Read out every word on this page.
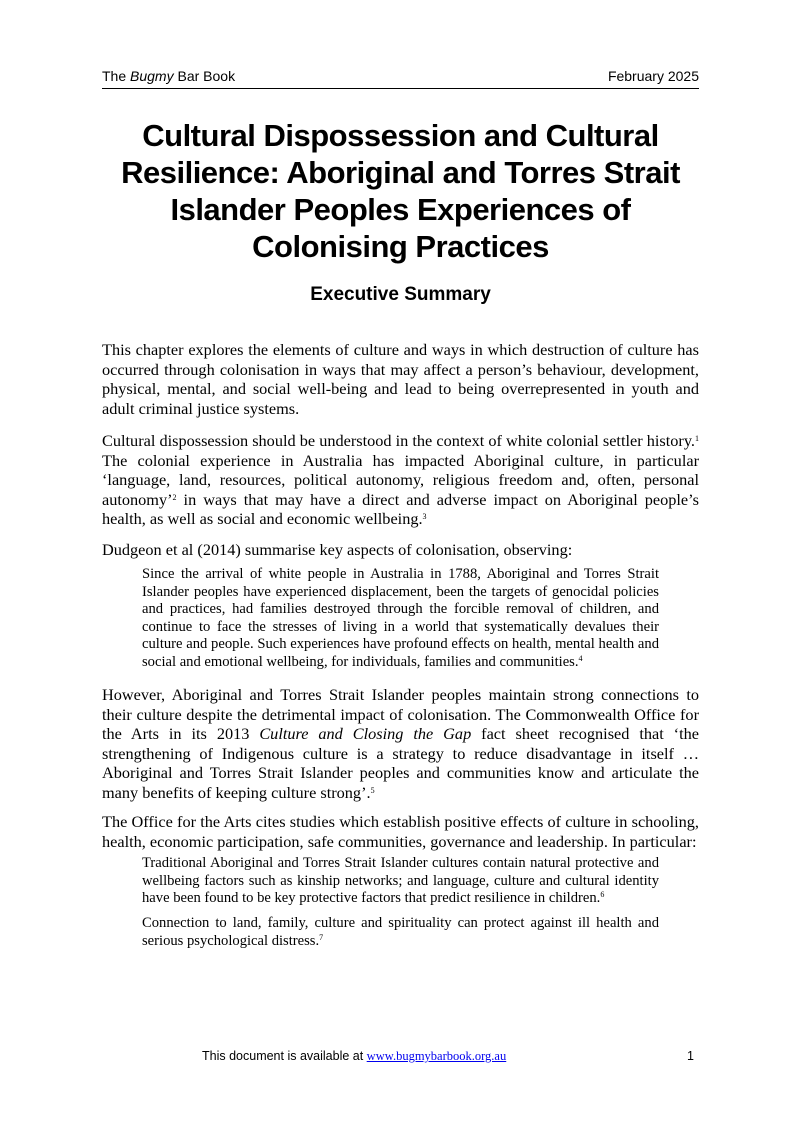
The Bugmy Bar Book	February 2025
Cultural Dispossession and Cultural Resilience: Aboriginal and Torres Strait Islander Peoples Experiences of Colonising Practices
Executive Summary

This chapter explores the elements of culture and ways in which destruction of culture has occurred through colonisation in ways that may affect a person’s behaviour, development, physical, mental, and social well-being and lead to being overrepresented in youth and adult criminal justice systems.

Cultural dispossession should be understood in the context of white colonial settler history.$^1$ The colonial experience in Australia has impacted Aboriginal culture, in particular ‘language, land, resources, political autonomy, religious freedom and, often, personal autonomy’$^2$ in ways that may have a direct and adverse impact on Aboriginal people’s health, as well as social and economic wellbeing.$^3$

Dudgeon et al (2014) summarise key aspects of colonisation, observing:

Since the arrival of white people in Australia in 1788, Aboriginal and Torres Strait Islander peoples have experienced displacement, been the targets of genocidal policies and practices, had families destroyed through the forcible removal of children, and continue to face the stresses of living in a world that systematically devalues their culture and people. Such experiences have profound effects on health, mental health and social and emotional wellbeing, for individuals, families and communities.$^4$

However, Aboriginal and Torres Strait Islander peoples maintain strong connections to their culture despite the detrimental impact of colonisation. The Commonwealth Office for the Arts in its 2013 Culture and Closing the Gap fact sheet recognised that ‘the strengthening of Indigenous culture is a strategy to reduce disadvantage in itself … Aboriginal and Torres Strait Islander peoples and communities know and articulate the many benefits of keeping culture strong’.$^5$

The Office for the Arts cites studies which establish positive effects of culture in schooling, health, economic participation, safe communities, governance and leadership. In particular:

Traditional Aboriginal and Torres Strait Islander cultures contain natural protective and wellbeing factors such as kinship networks; and language, culture and cultural identity have been found to be key protective factors that predict resilience in children.$^6$

Connection to land, family, culture and spirituality can protect against ill health and serious psychological distress.$^7$

This document is available at www.bugmybarbook.org.au	1
